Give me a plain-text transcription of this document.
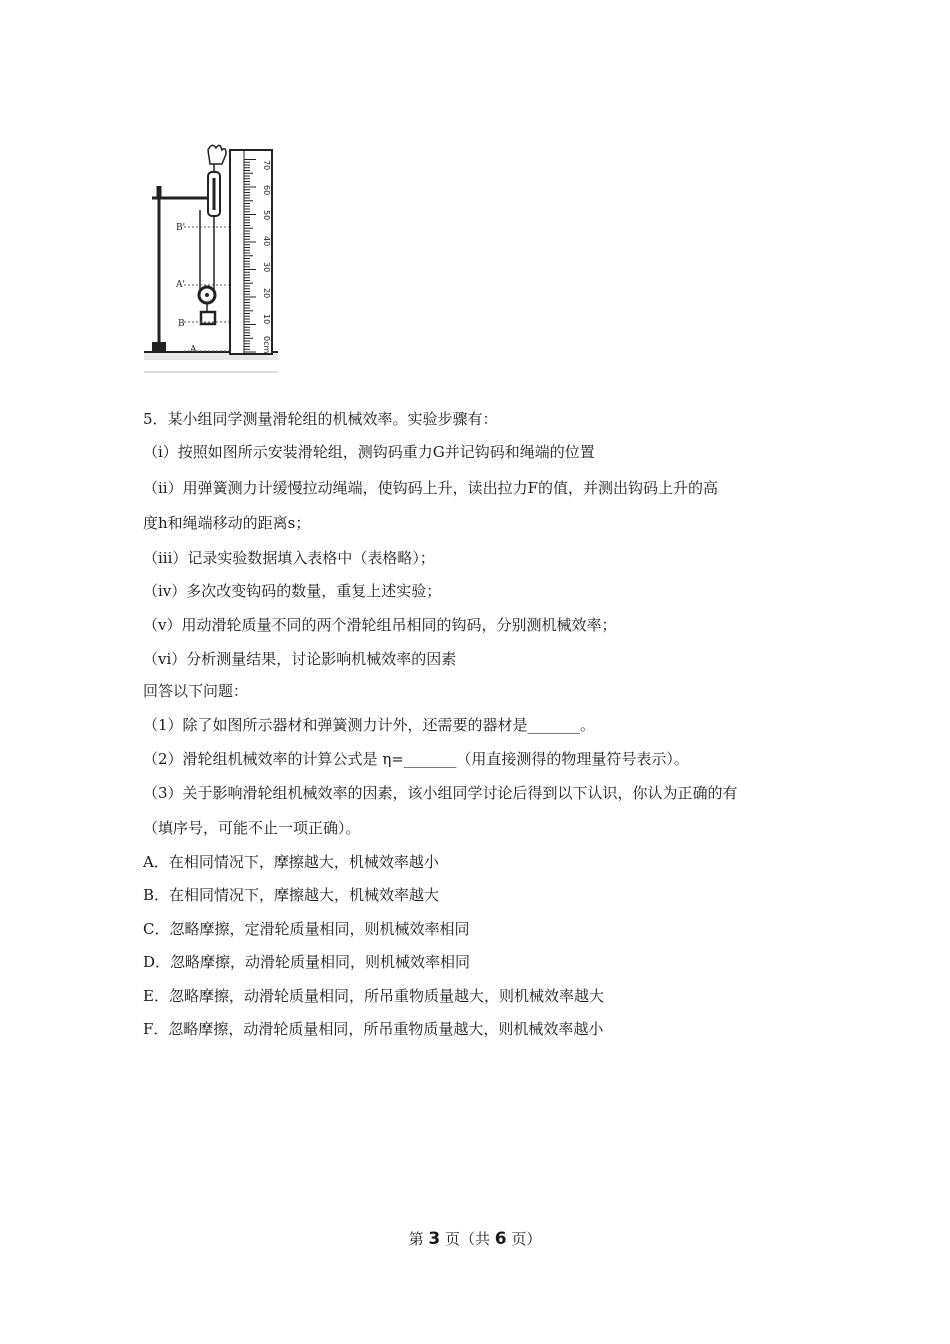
B'
A'
B
A
70
60
50
40
30
20
10
0cm
5．某小组同学测量滑轮组的机械效率。实验步骤有：
（i）按照如图所示安装滑轮组，测钩码重力G并记钩码和绳端的位置
（ii）用弹簧测力计缓慢拉动绳端，使钩码上升，读出拉力F的值，并测出钩码上升的高
度h和绳端移动的距离s；
（iii）记录实验数据填入表格中（表格略）；
（iv）多次改变钩码的数量，重复上述实验；
（v）用动滑轮质量不同的两个滑轮组吊相同的钩码，分别测机械效率；
（vi）分析测量结果，讨论影响机械效率的因素
回答以下问题：
（1）除了如图所示器材和弹簧测力计外，还需要的器材是_______。
（2）滑轮组机械效率的计算公式是 η=_______（用直接测得的物理量符号表示）。
（3）关于影响滑轮组机械效率的因素，该小组同学讨论后得到以下认识，你认为正确的有
（填序号，可能不止一项正确）。
A．在相同情况下，摩擦越大，机械效率越小
B．在相同情况下，摩擦越大，机械效率越大
C．忽略摩擦，定滑轮质量相同，则机械效率相同
D．忽略摩擦，动滑轮质量相同，则机械效率相同
E．忽略摩擦，动滑轮质量相同，所吊重物质量越大，则机械效率越大
F．忽略摩擦，动滑轮质量相同，所吊重物质量越大，则机械效率越小
第 3 页（共 6 页）
